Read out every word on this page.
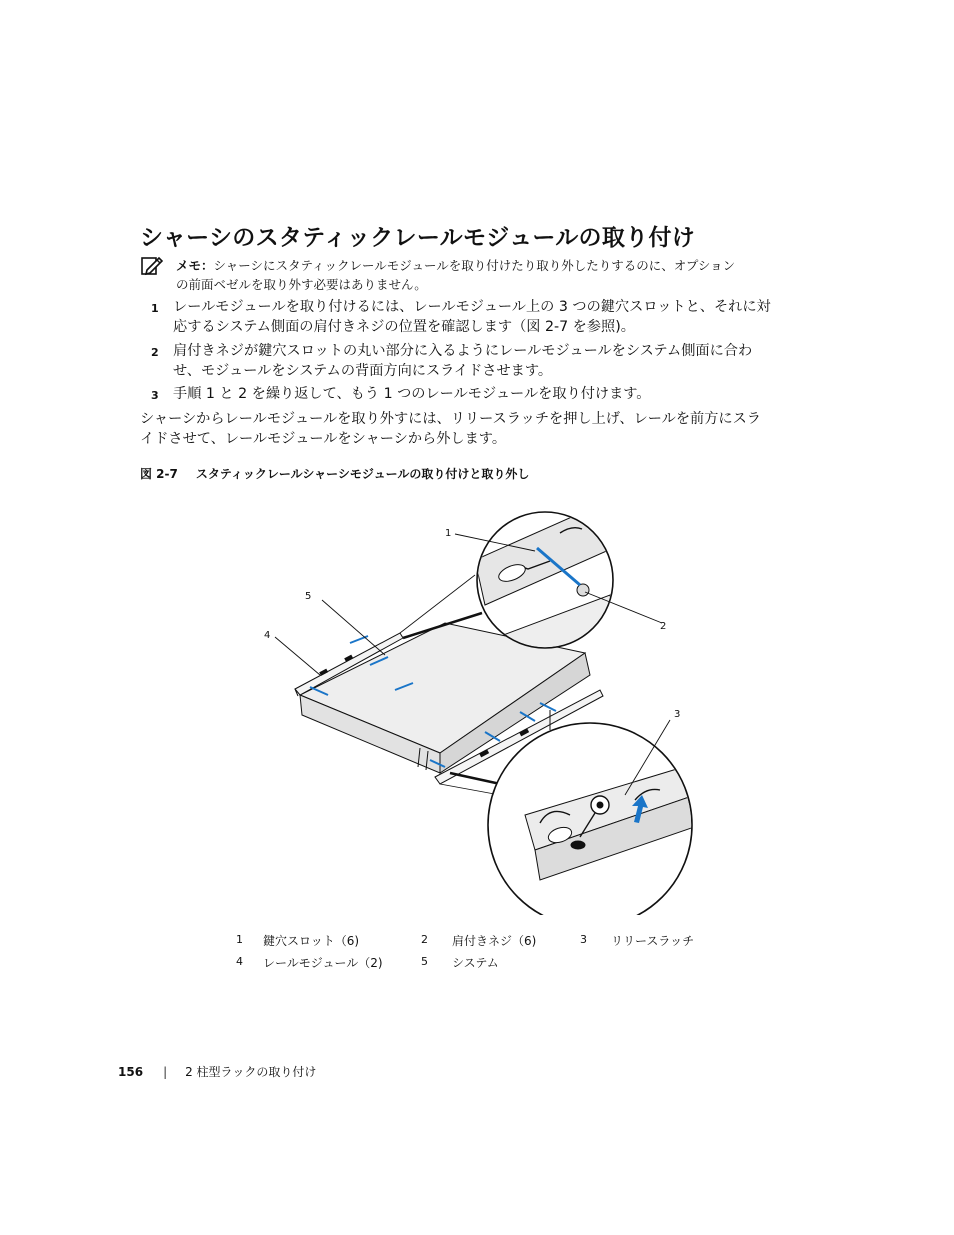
シャーシのスタティックレールモジュールの取り付け
メモ：シャーシにスタティックレールモジュールを取り付けたり取り外したりするのに、オプション
の前面ベゼルを取り外す必要はありません。
1 レールモジュールを取り付けるには、レールモジュール上の 3 つの鍵穴スロットと、それに対
応するシステム側面の肩付きネジの位置を確認します（図 2-7 を参照)。
2 肩付きネジが鍵穴スロットの丸い部分に入るようにレールモジュールをシステム側面に合わ
せ、モジュールをシステムの背面方向にスライドさせます。
3 手順 1 と 2 を繰り返して、もう 1 つのレールモジュールを取り付けます。
シャーシからレールモジュールを取り外すには、リリースラッチを押し上げ、レールを前方にスラ
イドさせて、レールモジュールをシャーシから外します。
図 2-7 スタティックレールシャーシモジュールの取り付けと取り外し
1
2
3
4
5
1 鍵穴スロット（6)	2 肩付きネジ（6)	3 リリースラッチ
4 レールモジュール（2)	5 システム
156 | 2 柱型ラックの取り付け
